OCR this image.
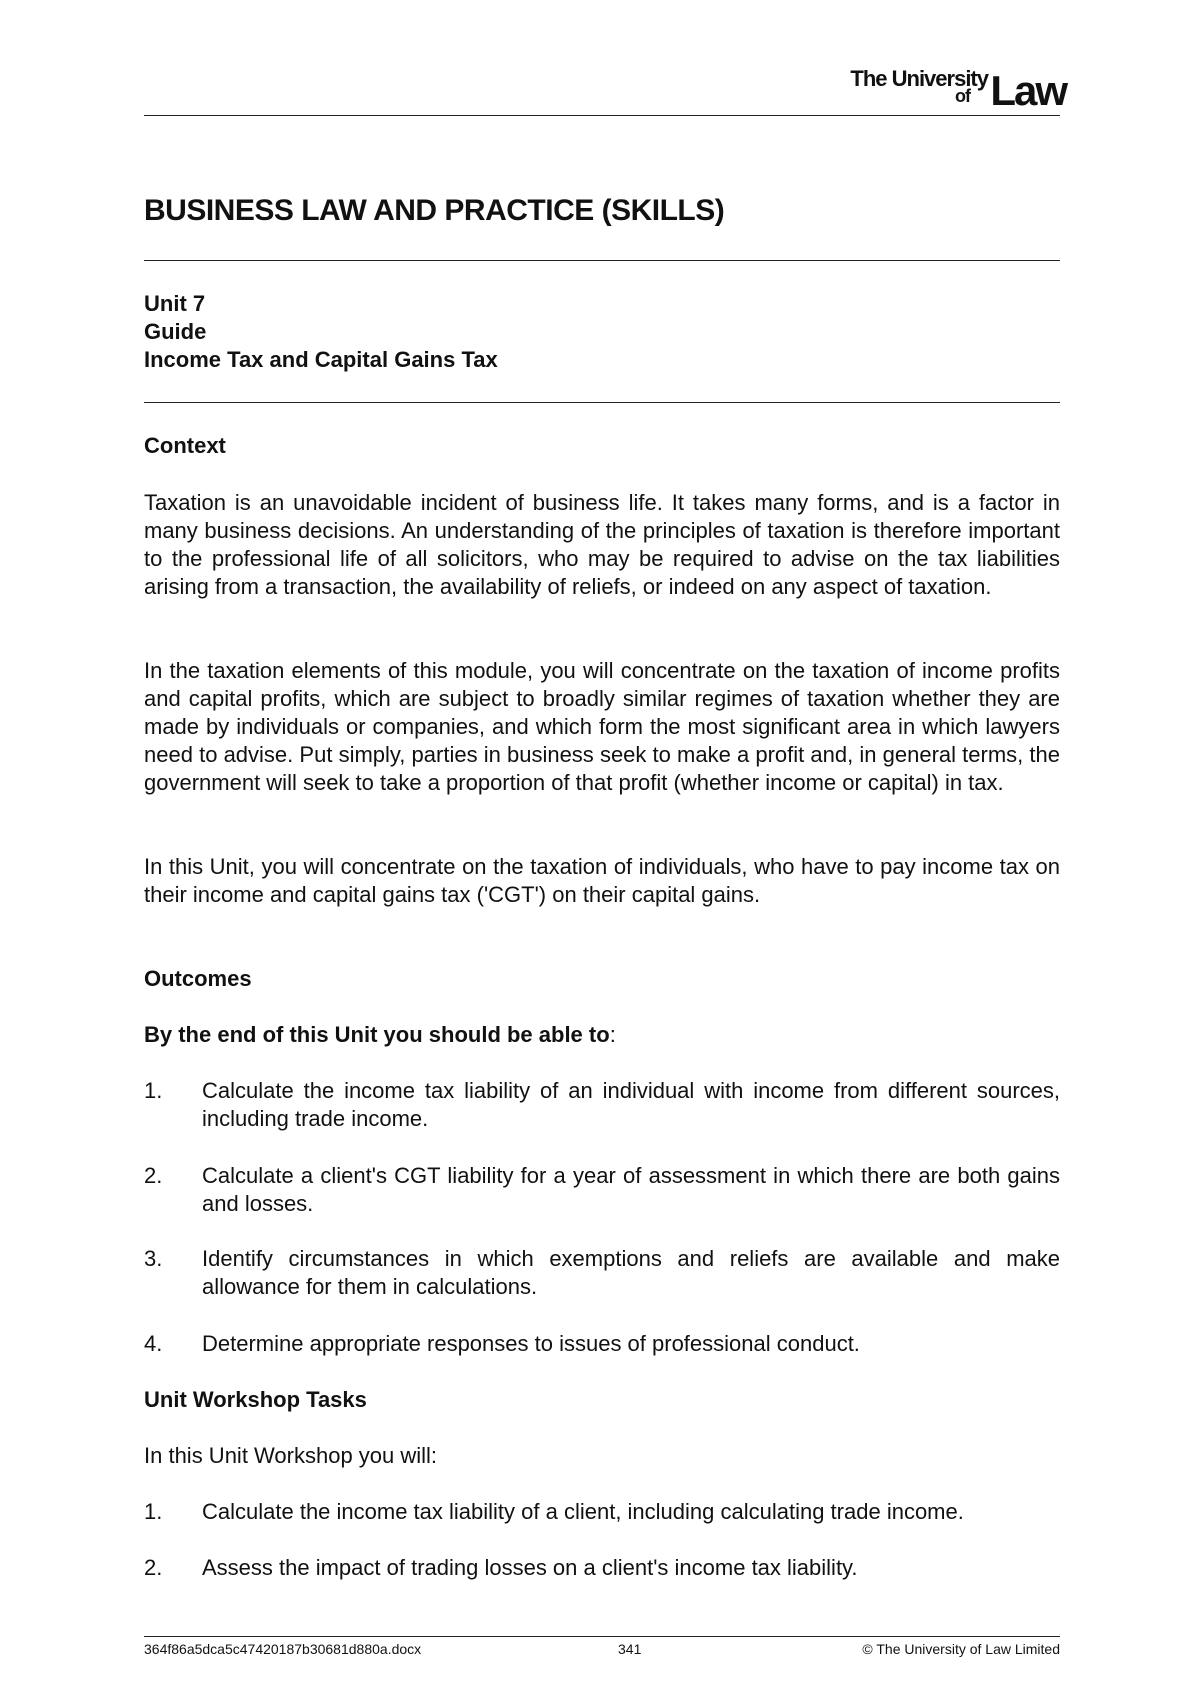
The University
of Law
BUSINESS LAW AND PRACTICE (SKILLS)
Unit 7
Guide
Income Tax and Capital Gains Tax
Context

Taxation is an unavoidable incident of business life. It takes many forms, and is a factor in many business decisions. An understanding of the principles of taxation is therefore important to the professional life of all solicitors, who may be required to advise on the tax liabilities arising from a transaction, the availability of reliefs, or indeed on any aspect of taxation.

In the taxation elements of this module, you will concentrate on the taxation of income profits and capital profits, which are subject to broadly similar regimes of taxation whether they are made by individuals or companies, and which form the most significant area in which lawyers need to advise. Put simply, parties in business seek to make a profit and, in general terms, the government will seek to take a proportion of that profit (whether income or capital) in tax.

In this Unit, you will concentrate on the taxation of individuals, who have to pay income tax on their income and capital gains tax ('CGT') on their capital gains.

Outcomes
By the end of this Unit you should be able to:
1. Calculate the income tax liability of an individual with income from different sources, including trade income.
2. Calculate a client's CGT liability for a year of assessment in which there are both gains and losses.
3. Identify circumstances in which exemptions and reliefs are available and make allowance for them in calculations.
4. Determine appropriate responses to issues of professional conduct.
Unit Workshop Tasks
In this Unit Workshop you will:
1. Calculate the income tax liability of a client, including calculating trade income.
2. Assess the impact of trading losses on a client's income tax liability.
364f86a5dca5c47420187b30681d880a.docx	341	© The University of Law Limited
